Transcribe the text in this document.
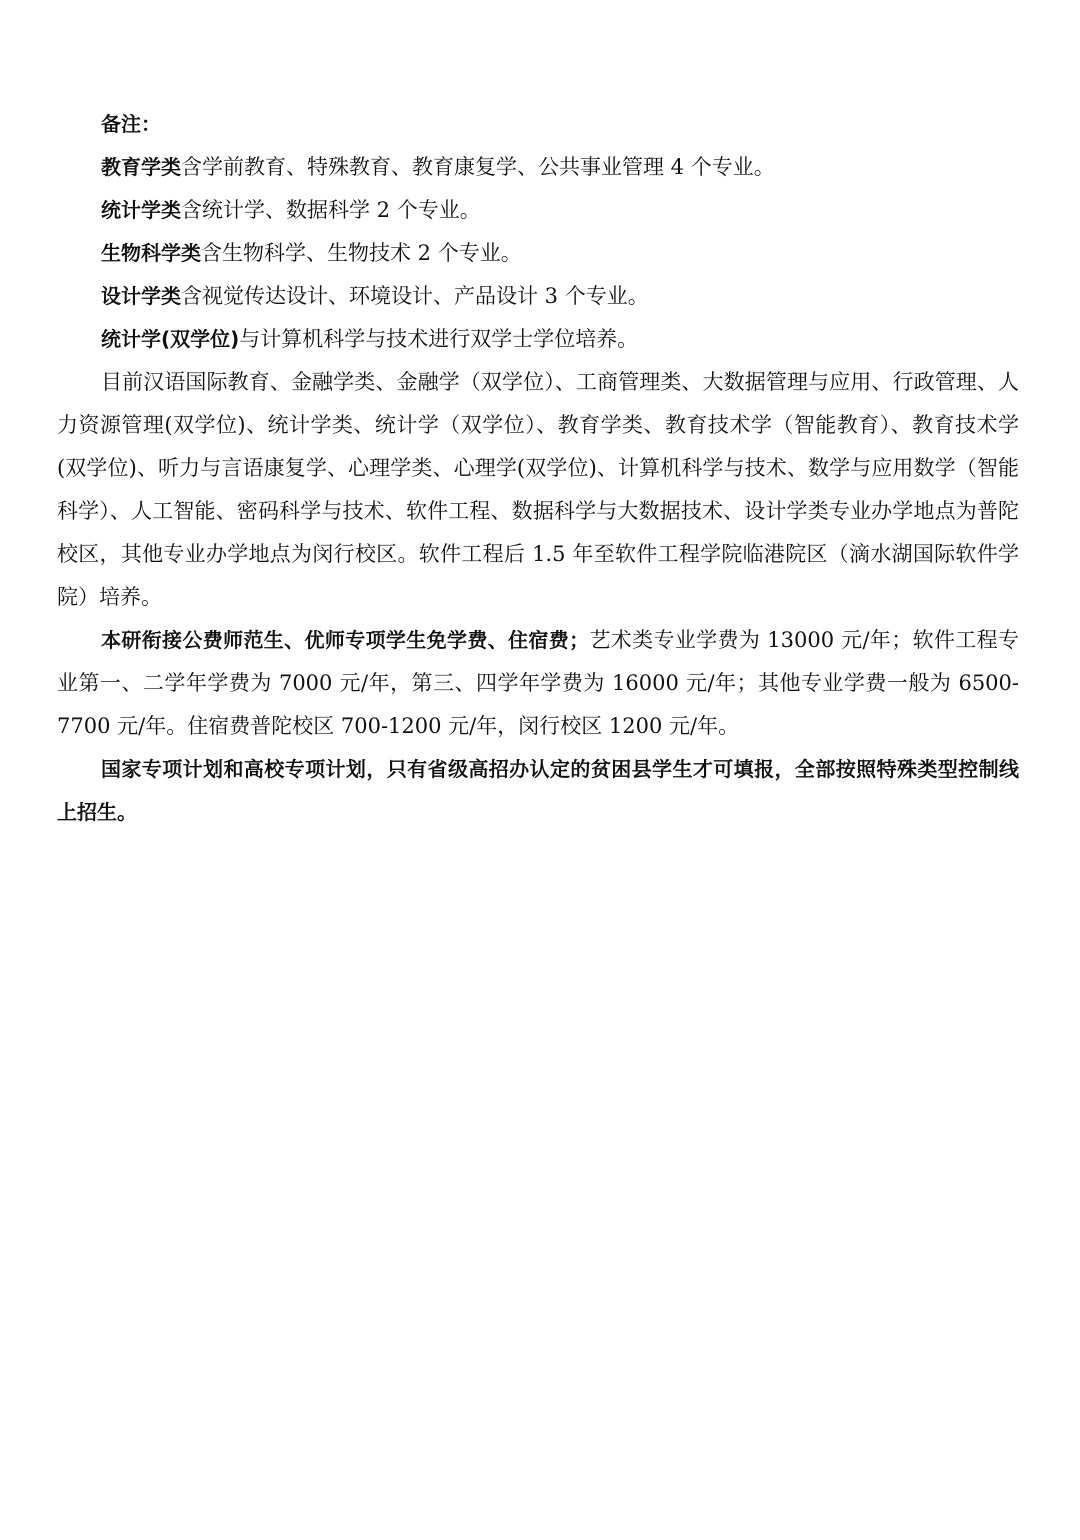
备注：

教育学类含学前教育、特殊教育、教育康复学、公共事业管理 4 个专业。

统计学类含统计学、数据科学 2 个专业。

生物科学类含生物科学、生物技术 2 个专业。

设计学类含视觉传达设计、环境设计、产品设计 3 个专业。

统计学(双学位)与计算机科学与技术进行双学士学位培养。

目前汉语国际教育、金融学类、金融学（双学位）、工商管理类、大数据管理与应用、行政管理、人力资源管理(双学位)、统计学类、统计学（双学位）、教育学类、教育技术学（智能教育）、教育技术学(双学位)、听力与言语康复学、心理学类、心理学(双学位)、计算机科学与技术、数学与应用数学（智能科学）、人工智能、密码科学与技术、软件工程、数据科学与大数据技术、设计学类专业办学地点为普陀校区，其他专业办学地点为闵行校区。软件工程后 1.5 年至软件工程学院临港院区（滴水湖国际软件学院）培养。

本研衔接公费师范生、优师专项学生免学费、住宿费；艺术类专业学费为 13000 元/年；软件工程专业第一、二学年学费为 7000 元/年，第三、四学年学费为 16000 元/年；其他专业学费一般为 6500-7700 元/年。住宿费普陀校区 700-1200 元/年，闵行校区 1200 元/年。

国家专项计划和高校专项计划，只有省级高招办认定的贫困县学生才可填报，全部按照特殊类型控制线上招生。
